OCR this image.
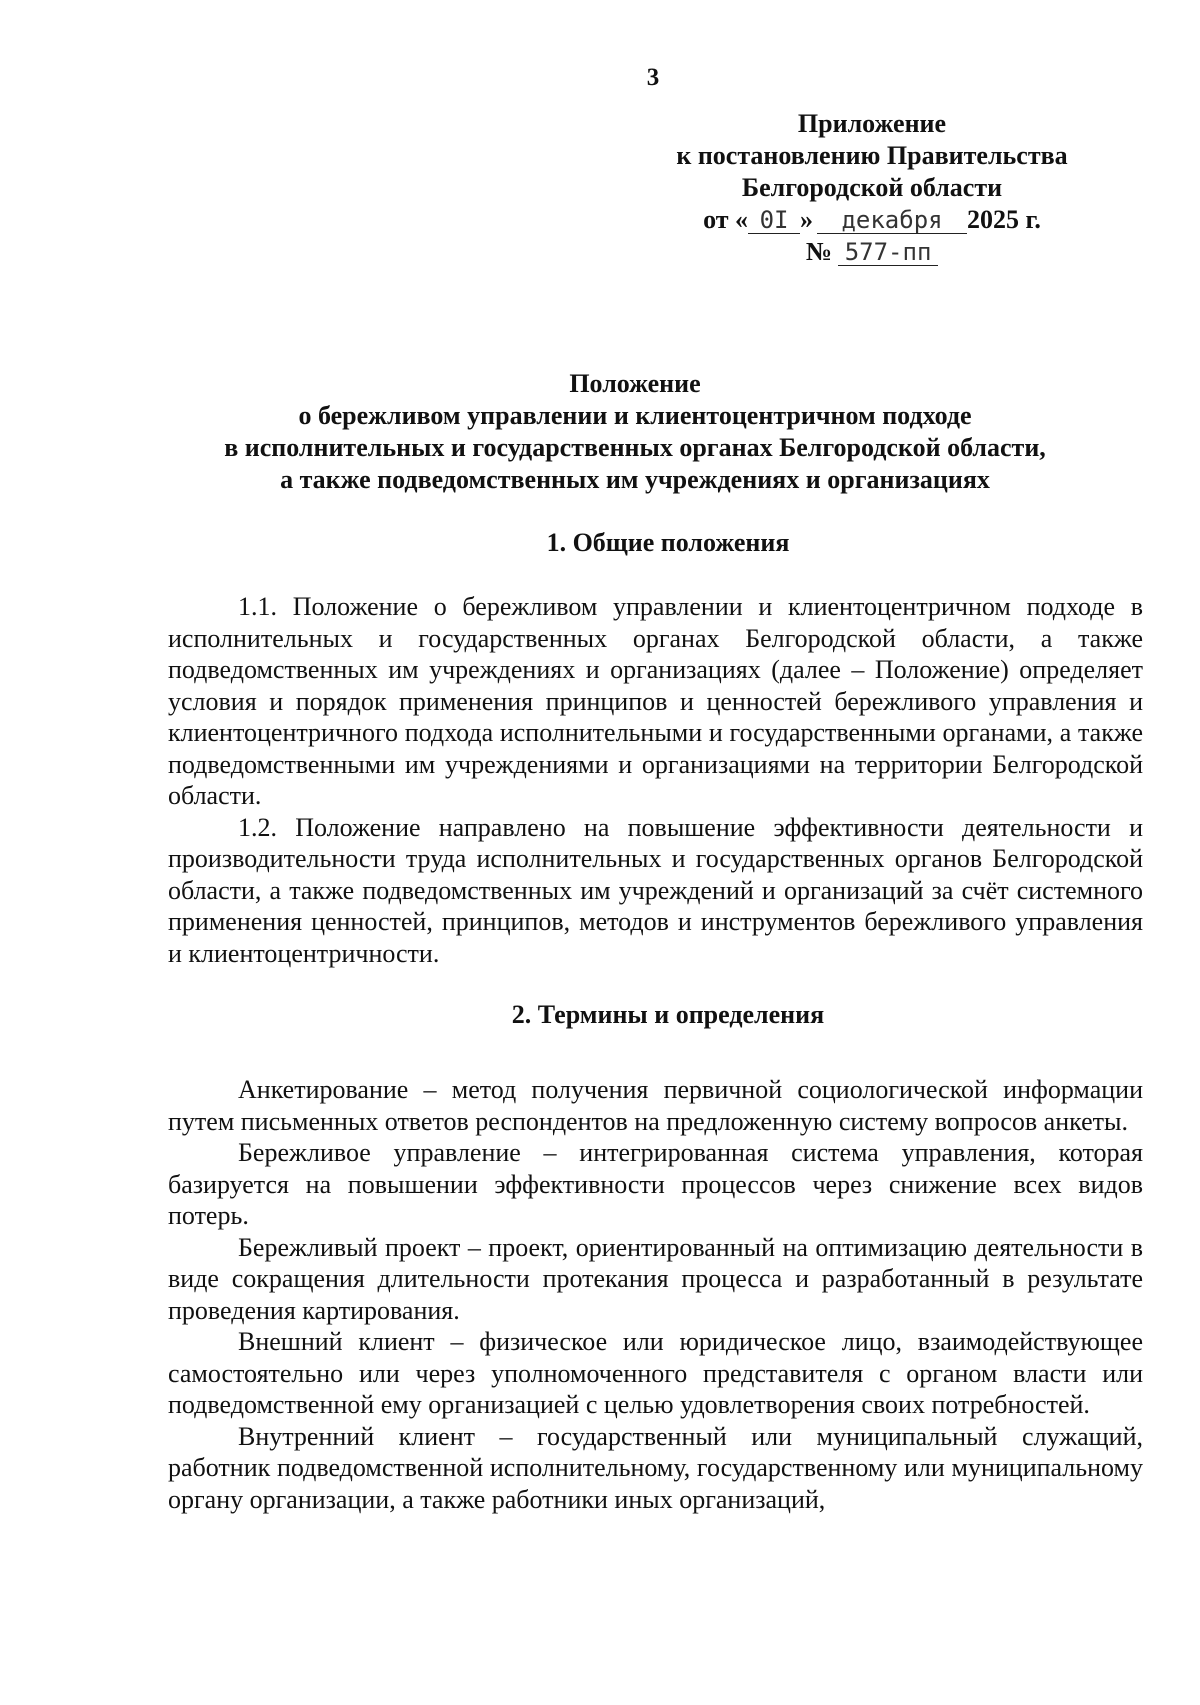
3
Приложение
к постановлению Правительства
Белгородской области
от « 0I » декабря 2025 г.
№ 577-пп
Положение
о бережливом управлении и клиентоцентричном подходе
в исполнительных и государственных органах Белгородской области,
а также подведомственных им учреждениях и организациях
1. Общие положения

1.1. Положение о бережливом управлении и клиентоцентричном подходе в исполнительных и государственных органах Белгородской области, а также подведомственных им учреждениях и организациях (далее – Положение) определяет условия и порядок применения принципов и ценностей бережливого управления и клиентоцентричного подхода исполнительными и государственными органами, а также подведомственными им учреждениями и организациями на территории Белгородской области.

1.2. Положение направлено на повышение эффективности деятельности и производительности труда исполнительных и государственных органов Белгородской области, а также подведомственных им учреждений и организаций за счёт системного применения ценностей, принципов, методов и инструментов бережливого управления и клиентоцентричности.

2. Термины и определения

Анкетирование – метод получения первичной социологической информации путем письменных ответов респондентов на предложенную систему вопросов анкеты.

Бережливое управление – интегрированная система управления, которая базируется на повышении эффективности процессов через снижение всех видов потерь.

Бережливый проект – проект, ориентированный на оптимизацию деятельности в виде сокращения длительности протекания процесса и разработанный в результате проведения картирования.

Внешний клиент – физическое или юридическое лицо, взаимодействующее самостоятельно или через уполномоченного представителя с органом власти или подведомственной ему организацией с целью удовлетворения своих потребностей.

Внутренний клиент – государственный или муниципальный служащий, работник подведомственной исполнительному, государственному или муниципальному органу организации, а также работники иных организаций,
